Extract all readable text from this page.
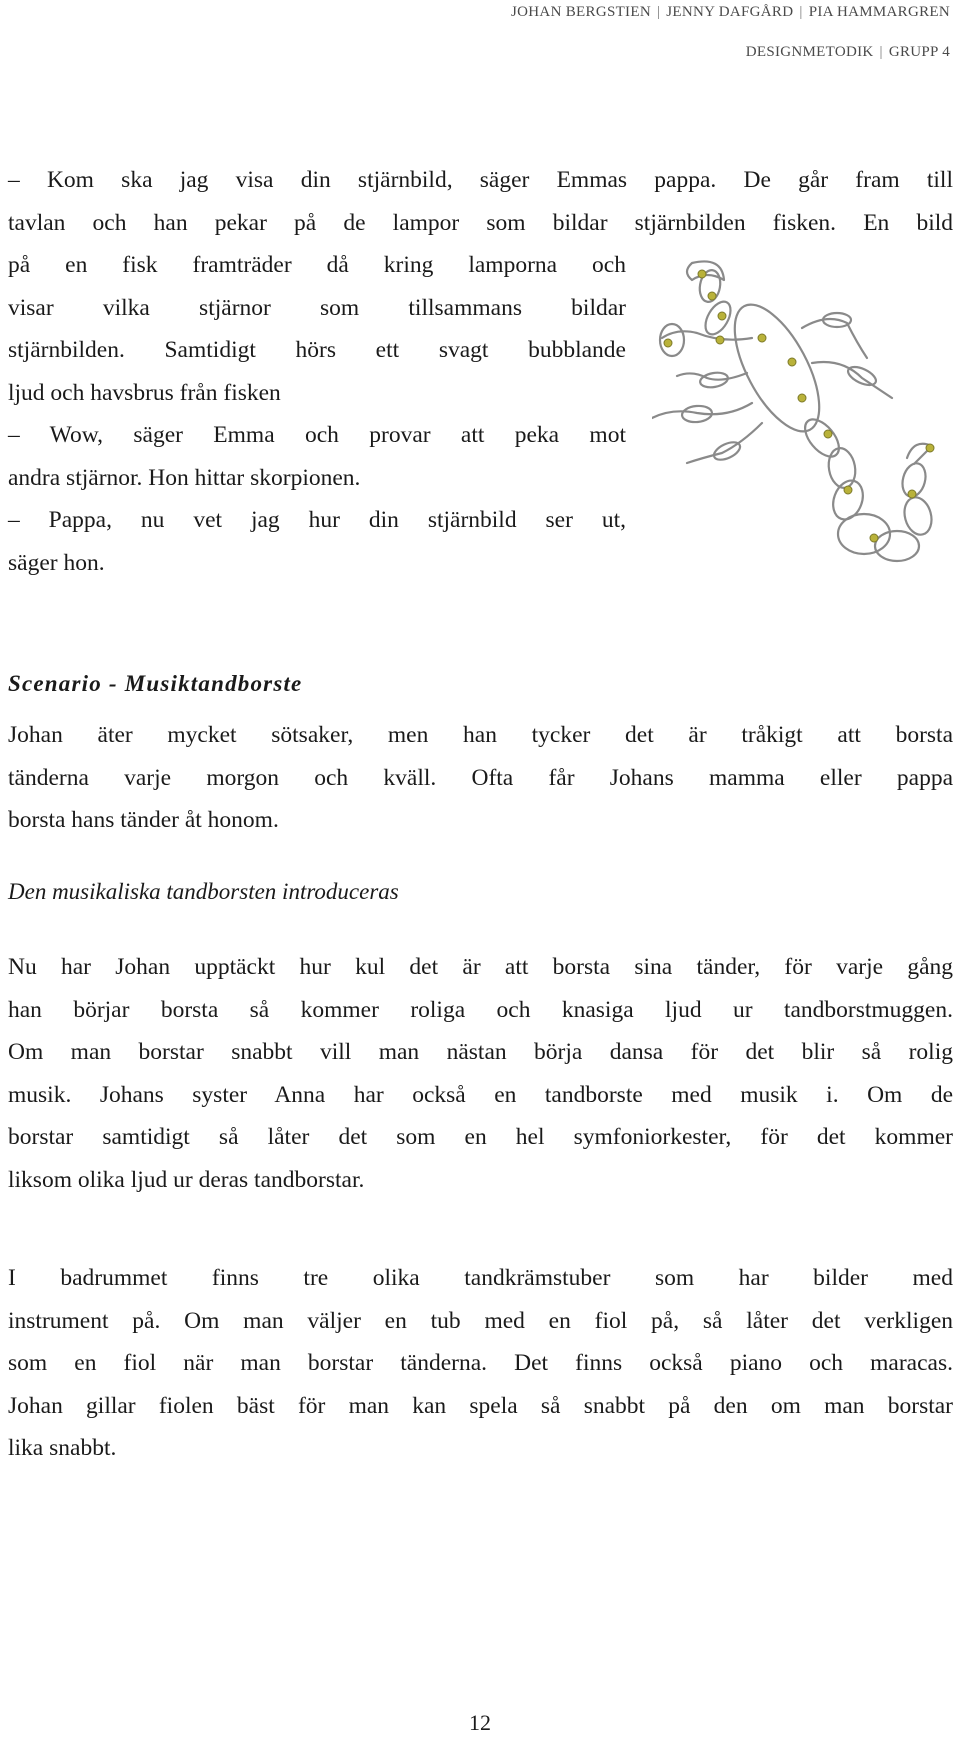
JOHAN BERGSTIEN | JENNY DAFGÅRD | PIA HAMMARGREN
DESIGNMETODIK | GRUPP 4
– Kom ska jag visa din stjärnbild, säger Emmas pappa. De går fram till
tavlan och han pekar på de lampor som bildar stjärnbilden fisken. En bild
på en fisk framträder då kring lamporna och
visar vilka stjärnor som tillsammans bildar
stjärnbilden. Samtidigt hörs ett svagt bubblande
ljud och havsbrus från fisken
– Wow, säger Emma och provar att peka mot
andra stjärnor. Hon hittar skorpionen.
– Pappa, nu vet jag hur din stjärnbild ser ut,
säger hon.

Scenario - Musiktandborste

Johan äter mycket sötsaker, men han tycker det är tråkigt att borsta
tänderna varje morgon och kväll. Ofta får Johans mamma eller pappa
borsta hans tänder åt honom.

Den musikaliska tandborsten introduceras

Nu har Johan upptäckt hur kul det är att borsta sina tänder, för varje gång
han börjar borsta så kommer roliga och knasiga ljud ur tandborstmuggen.
Om man borstar snabbt vill man nästan börja dansa för det blir så rolig
musik. Johans syster Anna har också en tandborste med musik i. Om de
borstar samtidigt så låter det som en hel symfoniorkester, för det kommer
liksom olika ljud ur deras tandborstar.
I badrummet finns tre olika tandkrämstuber som har bilder med
instrument på. Om man väljer en tub med en fiol på, så låter det verkligen
som en fiol när man borstar tänderna. Det finns också piano och maracas.
Johan gillar fiolen bäst för man kan spela så snabbt på den om man borstar
lika snabbt.

12
